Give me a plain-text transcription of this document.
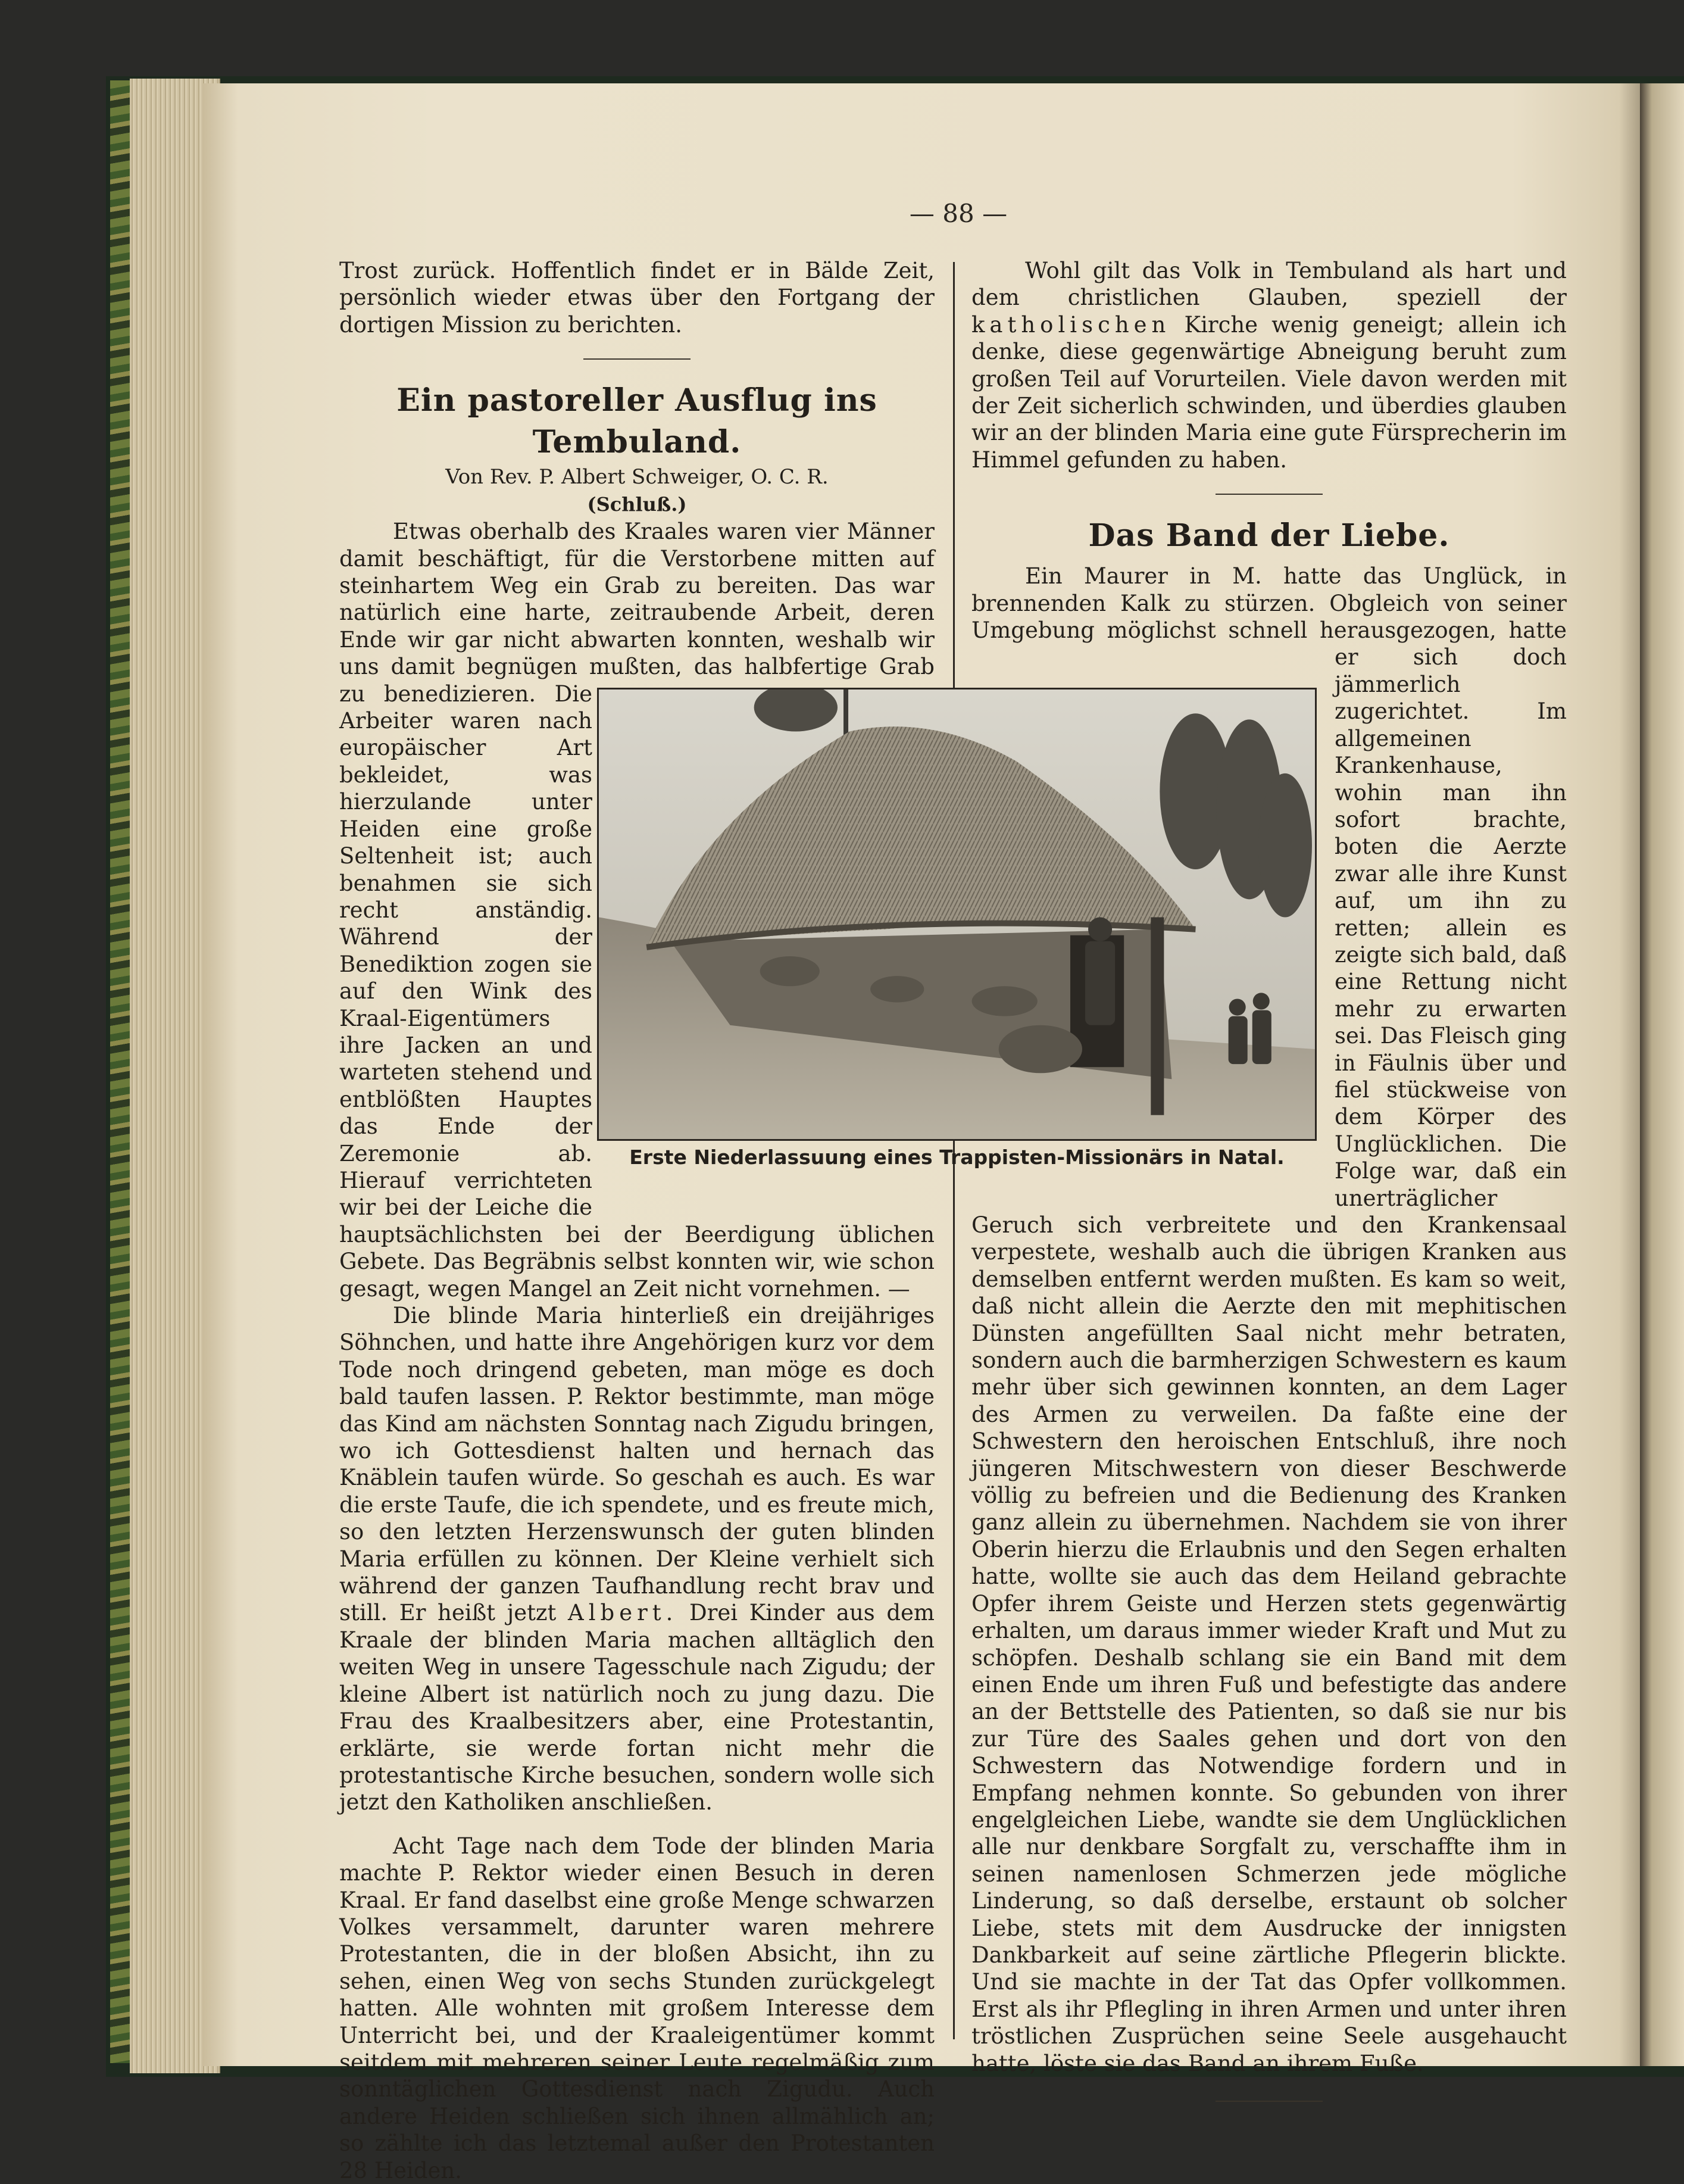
— 88 —

Trost zurück. Hoffentlich findet er in Bälde Zeit, persönlich wieder etwas über den Fortgang der dortigen Mission zu berichten.

Ein pastoreller Ausflug ins Tembuland.

Von Rev. P. Albert Schweiger, O. C. R.

(Schluß.)

Etwas oberhalb des Kraales waren vier Männer damit beschäftigt, für die Verstorbene mitten auf steinhartem Weg ein Grab zu bereiten. Das war natürlich eine harte, zeitraubende Arbeit, deren Ende wir gar nicht abwarten konnten, weshalb wir uns damit begnügen mußten, das halbfertige Grab zu benedizieren. Die Arbeiter waren nach europäischer Art bekleidet, was hierzulande unter Heiden eine große Seltenheit ist; auch benahmen sie sich recht anständig. Während der Benediktion zogen sie auf den Wink des Kraal-Eigentümers ihre Jacken an und warteten stehend und entblößten Hauptes das Ende der Zeremonie ab. Hierauf verrichteten wir bei der Leiche die hauptsächlichsten bei der Beerdigung üblichen Gebete. Das Begräbnis selbst konnten wir, wie schon gesagt, wegen Mangel an Zeit nicht vornehmen. —

Die blinde Maria hinterließ ein dreijähriges Söhnchen, und hatte ihre Angehörigen kurz vor dem Tode noch dringend gebeten, man möge es doch bald taufen lassen. P. Rektor bestimmte, man möge das Kind am nächsten Sonntag nach Zigudu bringen, wo ich Gottesdienst halten und hernach das Knäblein taufen würde. So geschah es auch. Es war die erste Taufe, die ich spendete, und es freute mich, so den letzten Herzenswunsch der guten blinden Maria erfüllen zu können. Der Kleine verhielt sich während der ganzen Taufhandlung recht brav und still. Er heißt jetzt Albert. Drei Kinder aus dem Kraale der blinden Maria machen alltäglich den weiten Weg in unsere Tagesschule nach Zigudu; der kleine Albert ist natürlich noch zu jung dazu. Die Frau des Kraalbesitzers aber, eine Protestantin, erklärte, sie werde fortan nicht mehr die protestantische Kirche besuchen, sondern wolle sich jetzt den Katholiken anschließen.

Acht Tage nach dem Tode der blinden Maria machte P. Rektor wieder einen Besuch in deren Kraal. Er fand daselbst eine große Menge schwarzen Volkes versammelt, darunter waren mehrere Protestanten, die in der bloßen Absicht, ihn zu sehen, einen Weg von sechs Stunden zurückgelegt hatten. Alle wohnten mit großem Interesse dem Unterricht bei, und der Kraaleigentümer kommt seitdem mit mehreren seiner Leute regelmäßig zum sonntäglichen Gottesdienst nach Zigudu. Auch andere Heiden schließen sich ihnen allmählich an; so zählte ich das letztemal außer den Protestanten 28 Heiden.

Wohl gilt das Volk in Tembuland als hart und dem christlichen Glauben, speziell der katholischen Kirche wenig geneigt; allein ich denke, diese gegenwärtige Abneigung beruht zum großen Teil auf Vorurteilen. Viele davon werden mit der Zeit sicherlich schwinden, und überdies glauben wir an der blinden Maria eine gute Fürsprecherin im Himmel gefunden zu haben.

Das Band der Liebe.

Ein Maurer in M. hatte das Unglück, in brennenden Kalk zu stürzen. Obgleich von seiner Umgebung möglichst schnell herausgezogen, hatte er sich doch jämmerlich zugerichtet. Im allgemeinen Krankenhause, wohin man ihn sofort brachte, boten die Aerzte zwar alle ihre Kunst auf, um ihn zu retten; allein es zeigte sich bald, daß eine Rettung nicht mehr zu erwarten sei. Das Fleisch ging in Fäulnis über und fiel stückweise von dem Körper des Unglücklichen. Die Folge war, daß ein unerträglicher Geruch sich verbreitete und den Krankensaal verpestete, weshalb auch die übrigen Kranken aus demselben entfernt werden mußten. Es kam so weit, daß nicht allein die Aerzte den mit mephitischen Dünsten angefüllten Saal nicht mehr betraten, sondern auch die barmherzigen Schwestern es kaum mehr über sich gewinnen konnten, an dem Lager des Armen zu verweilen. Da faßte eine der Schwestern den heroischen Entschluß, ihre noch jüngeren Mitschwestern von dieser Beschwerde völlig zu befreien und die Bedienung des Kranken ganz allein zu übernehmen. Nachdem sie von ihrer Oberin hierzu die Erlaubnis und den Segen erhalten hatte, wollte sie auch das dem Heiland gebrachte Opfer ihrem Geiste und Herzen stets gegenwärtig erhalten, um daraus immer wieder Kraft und Mut zu schöpfen. Deshalb schlang sie ein Band mit dem einen Ende um ihren Fuß und befestigte das andere an der Bettstelle des Patienten, so daß sie nur bis zur Türe des Saales gehen und dort von den Schwestern das Notwendige fordern und in Empfang nehmen konnte. So gebunden von ihrer engelgleichen Liebe, wandte sie dem Unglücklichen alle nur denkbare Sorgfalt zu, verschaffte ihm in seinen namenlosen Schmerzen jede mögliche Linderung, so daß derselbe, erstaunt ob solcher Liebe, stets mit dem Ausdrucke der innigsten Dankbarkeit auf seine zärtliche Pflegerin blickte. Und sie machte in der Tat das Opfer vollkommen. Erst als ihr Pflegling in ihren Armen und unter ihren tröstlichen Zusprüchen seine Seele ausgehaucht hatte, löste sie das Band an ihrem Fuße.

Erste Niederlassuung eines Trappisten-Missionärs in Natal.
